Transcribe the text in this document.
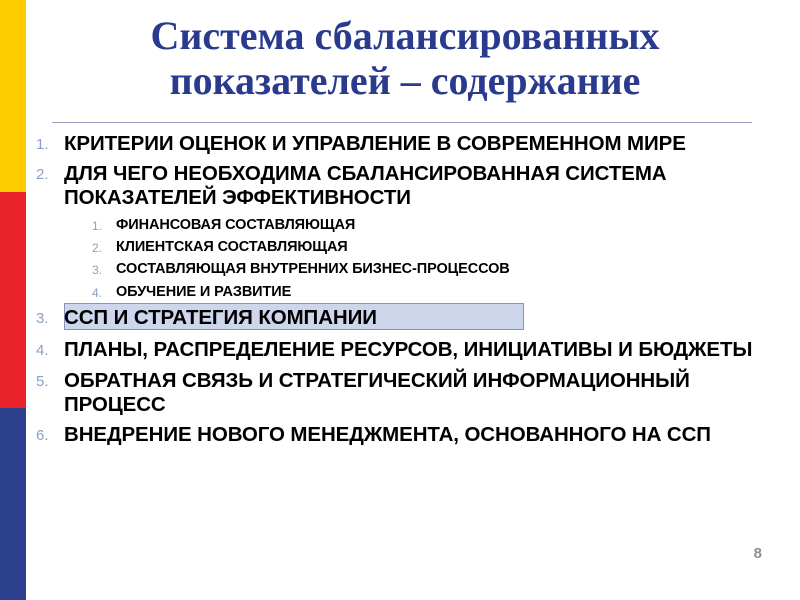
Система сбалансированных
показателей – содержание
1. КРИТЕРИИ ОЦЕНОК И УПРАВЛЕНИЕ В СОВРЕМЕННОМ МИРЕ
2. ДЛЯ ЧЕГО НЕОБХОДИМА СБАЛАНСИРОВАННАЯ СИСТЕМА ПОКАЗАТЕЛЕЙ ЭФФЕКТИВНОСТИ
1. ФИНАНСОВАЯ СОСТАВЛЯЮЩАЯ
2. КЛИЕНТСКАЯ СОСТАВЛЯЮЩАЯ
3. СОСТАВЛЯЮЩАЯ ВНУТРЕННИХ БИЗНЕС-ПРОЦЕССОВ
4. ОБУЧЕНИЕ И РАЗВИТИЕ
3. ССП И СТРАТЕГИЯ КОМПАНИИ
4. ПЛАНЫ, РАСПРЕДЕЛЕНИЕ РЕСУРСОВ, ИНИЦИАТИВЫ И БЮДЖЕТЫ
5. ОБРАТНАЯ СВЯЗЬ И СТРАТЕГИЧЕСКИЙ ИНФОРМАЦИОННЫЙ ПРОЦЕСС
6. ВНЕДРЕНИЕ НОВОГО МЕНЕДЖМЕНТА, ОСНОВАННОГО НА ССП
8
